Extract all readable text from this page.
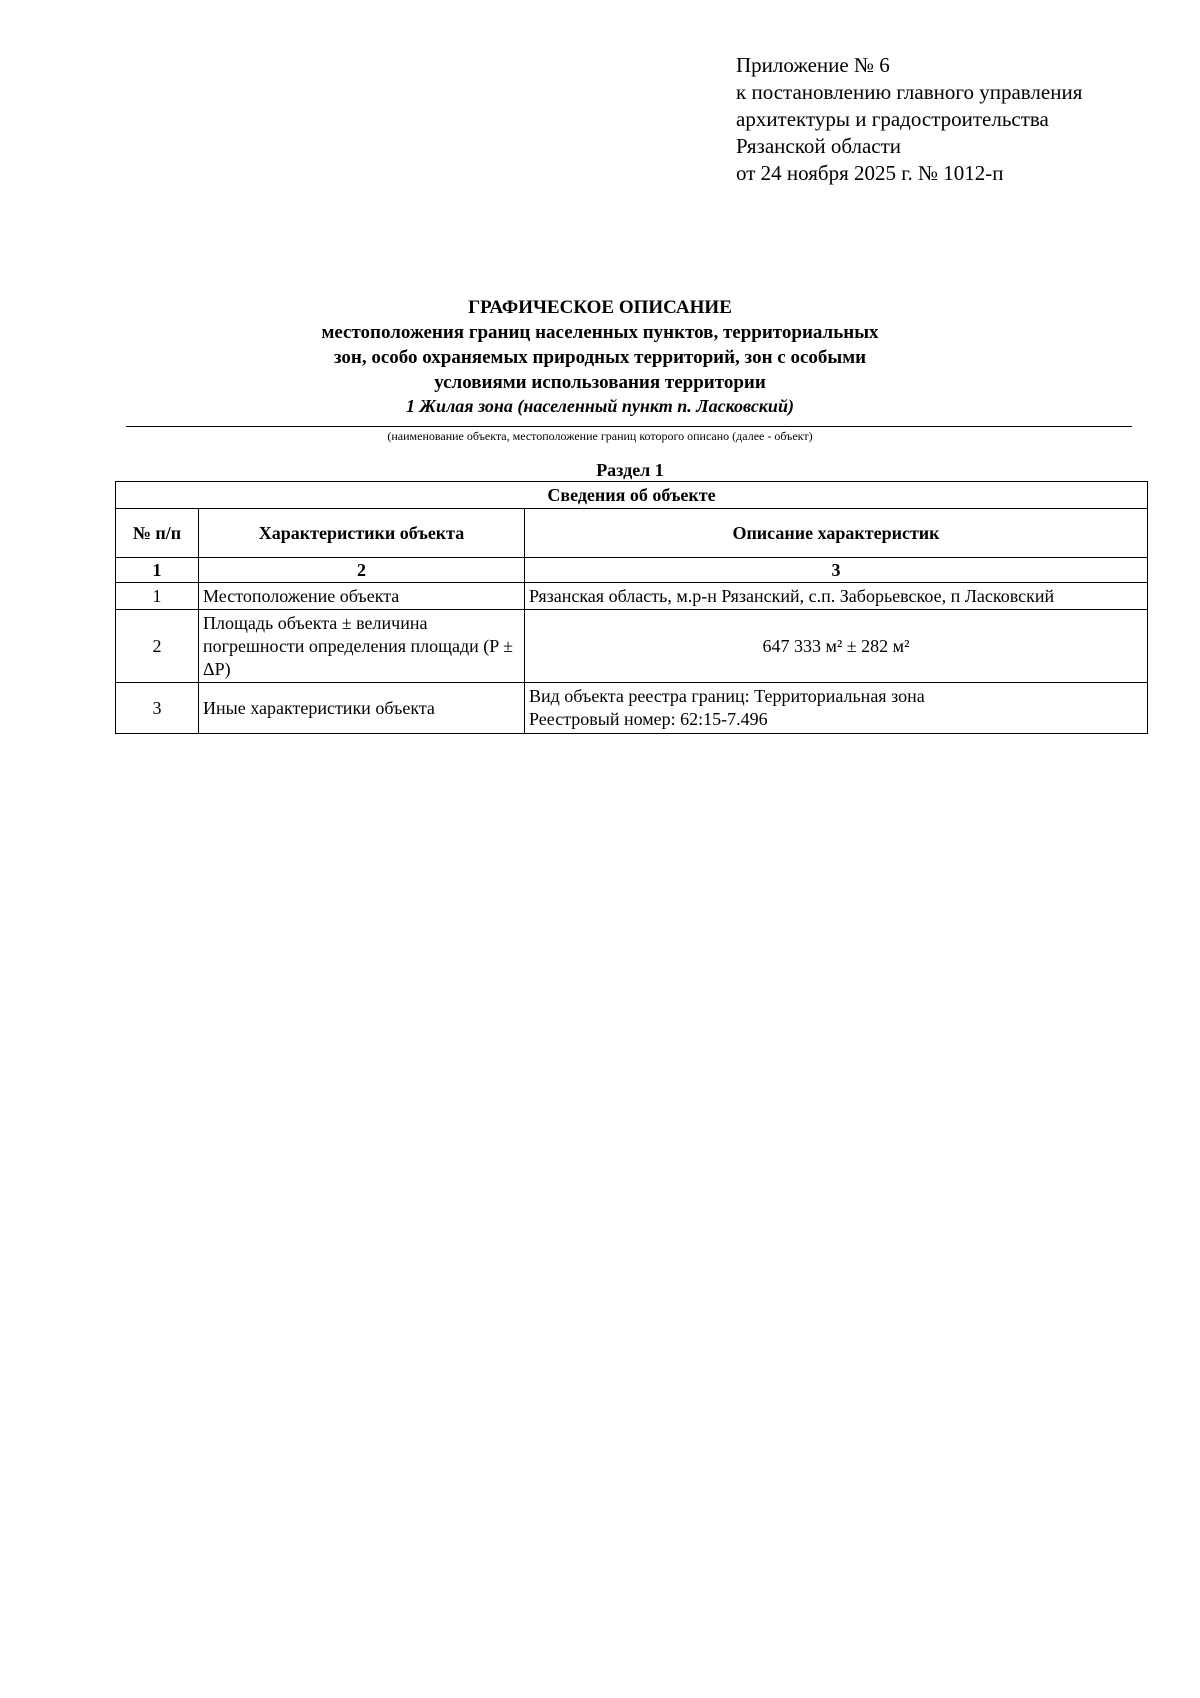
Приложение № 6
к постановлению главного управления
архитектуры и градостроительства
Рязанской области
от 24 ноября 2025 г. № 1012-п
ГРАФИЧЕСКОЕ ОПИСАНИЕ
местоположения границ населенных пунктов, территориальных
зон, особо охраняемых природных территорий, зон с особыми
условиями использования территории
1 Жилая зона (населенный пункт п. Ласковский)
(наименование объекта, местоположение границ которого описано (далее - объект)
Раздел 1
Сведения об объекте		
№ п/п	Характеристики объекта	Описание характеристик
1	2	3
1	Местоположение объекта	Рязанская область, м.р-н Рязанский, с.п. Заборьевское, п Ласковский

2	Площадь объекта ± величина погрешности определения площади (P ± ΔP)	647 333 м² ± 282 м²

3	Иные характеристики объекта	Вид объекта реестра границ: Территориальная зона
Реестровый номер: 62:15-7.496
